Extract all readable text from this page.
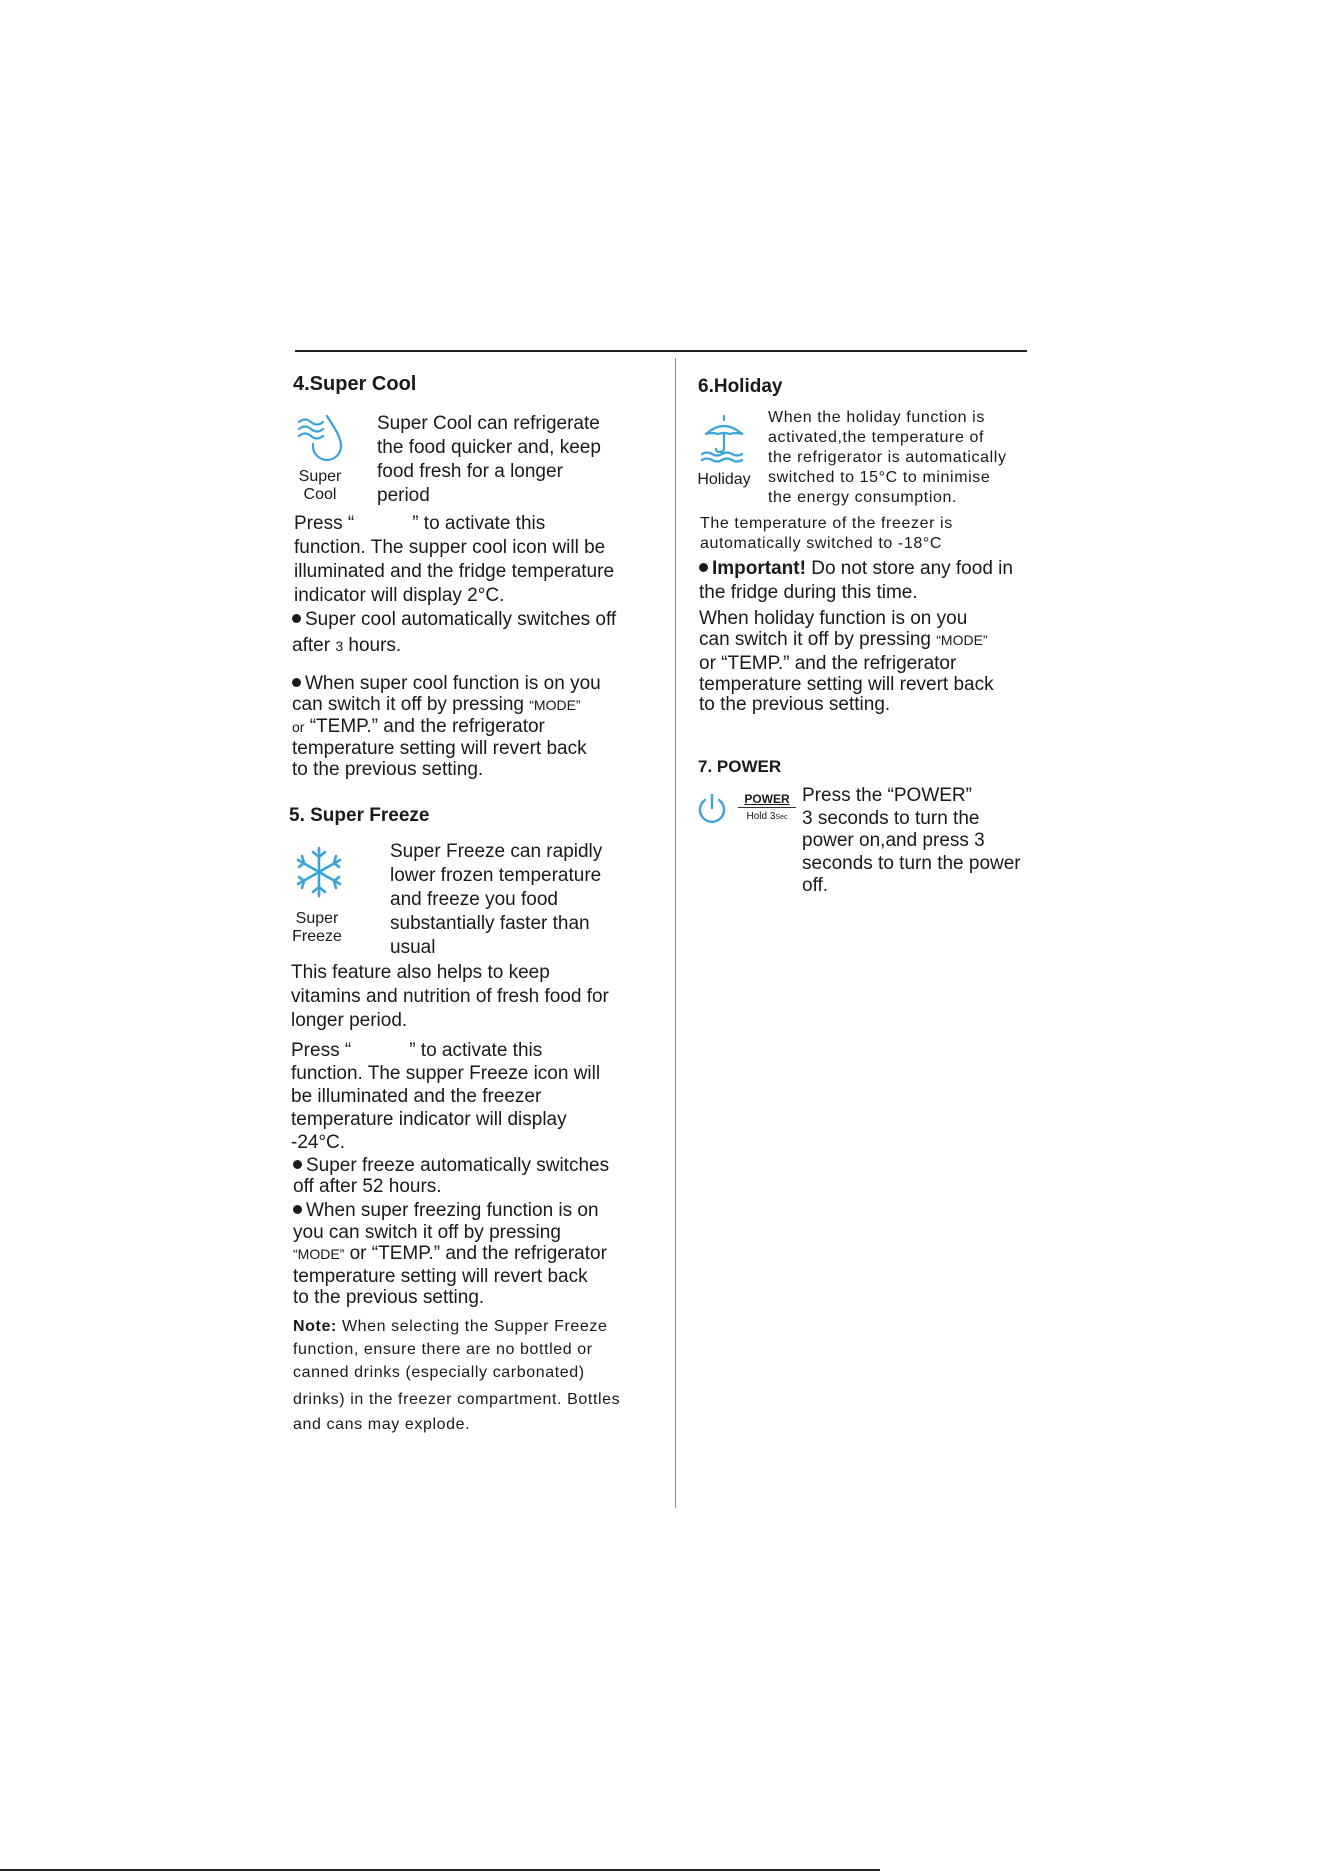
4.Super Cool
Super
Cool
Super Cool can refrigerate
the food quicker and, keep
food fresh for a longer
period
Press “	” to activate this
function. The supper cool icon will be
illuminated and the fridge temperature
indicator will display 2°C.
Super cool automatically switches off
after 3 hours.
When super cool function is on you
can switch it off by pressing “MODE”
or “TEMP.” and the refrigerator
temperature setting will revert back
to the previous setting.
5. Super Freeze
Super
Freeze
Super Freeze can rapidly
lower frozen temperature
and freeze you food
substantially faster than
usual
This feature also helps to keep
vitamins and nutrition of fresh food for
longer period.
Press “	” to activate this
function. The supper Freeze icon will
be illuminated and the freezer
temperature indicator will display
-24°C.
Super freeze automatically switches
off after 52 hours.
When super freezing function is on
you can switch it off by pressing
“MODE” or “TEMP.” and the refrigerator
temperature setting will revert back
to the previous setting.
Note: When selecting the Supper Freeze
function, ensure there are no bottled or
canned drinks (especially carbonated)
drinks) in the freezer compartment. Bottles
and cans may explode.
6.Holiday
Holiday
When the holiday function is
activated,the temperature of
the refrigerator is automatically
switched to 15°C to minimise
the energy consumption.
The temperature of the freezer is
automatically switched to -18°C
Important! Do not store any food in
the fridge during this time.
When holiday function is on you
can switch it off by pressing “MODE”
or “TEMP.” and the refrigerator
temperature setting will revert back
to the previous setting.
7. POWER
POWER
Hold 3Sec
Press the “POWER”
3 seconds to turn the
power on,and press 3
seconds to turn the power
off.
